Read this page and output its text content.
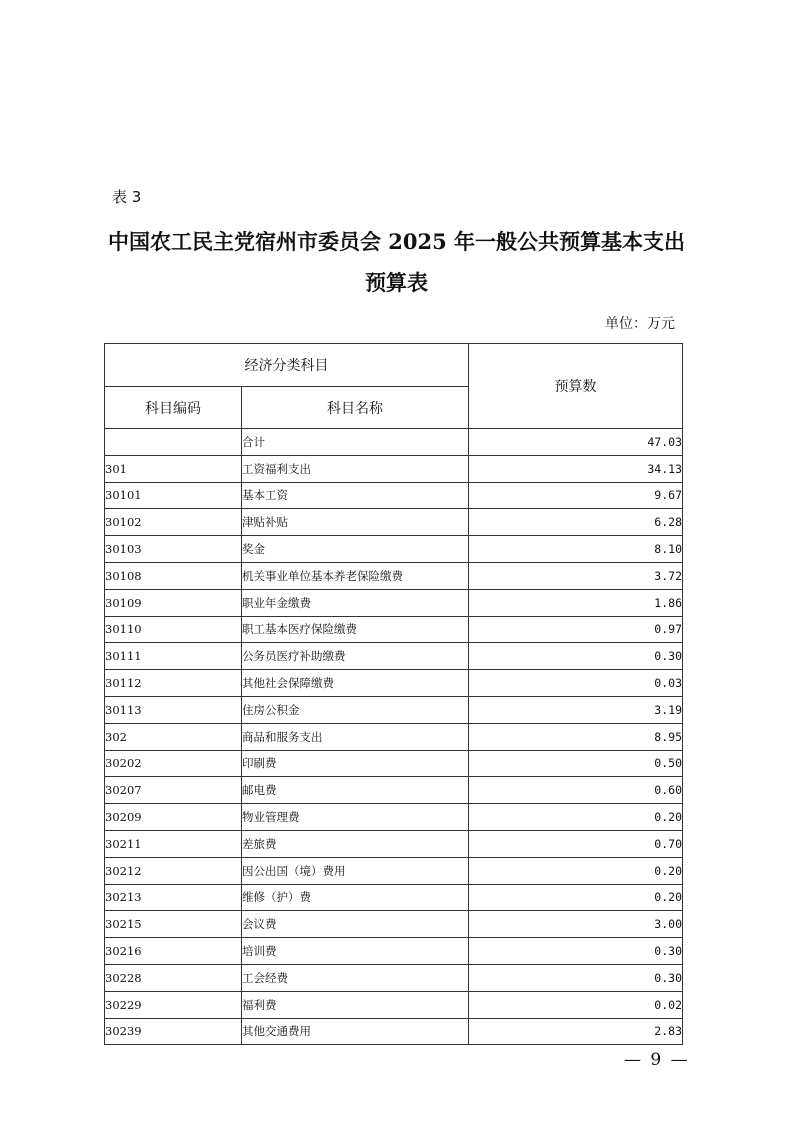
表 3
中国农工民主党宿州市委员会 2025 年一般公共预算基本支出
预算表
单位：万元
经济分类科目		预算数
科目编码	科目名称	
	合计	47.03
301	工资福利支出	34.13
30101	基本工资	9.67
30102	津贴补贴	6.28
30103	奖金	8.10
30108	机关事业单位基本养老保险缴费	3.72
30109	职业年金缴费	1.86
30110	职工基本医疗保险缴费	0.97
30111	公务员医疗补助缴费	0.30
30112	其他社会保障缴费	0.03
30113	住房公积金	3.19
302	商品和服务支出	8.95
30202	印刷费	0.50
30207	邮电费	0.60
30209	物业管理费	0.20
30211	差旅费	0.70
30212	因公出国（境）费用	0.20
30213	维修（护）费	0.20
30215	会议费	3.00
30216	培训费	0.30
30228	工会经费	0.30
30229	福利费	0.02
30239	其他交通费用	2.83
— 9 —
